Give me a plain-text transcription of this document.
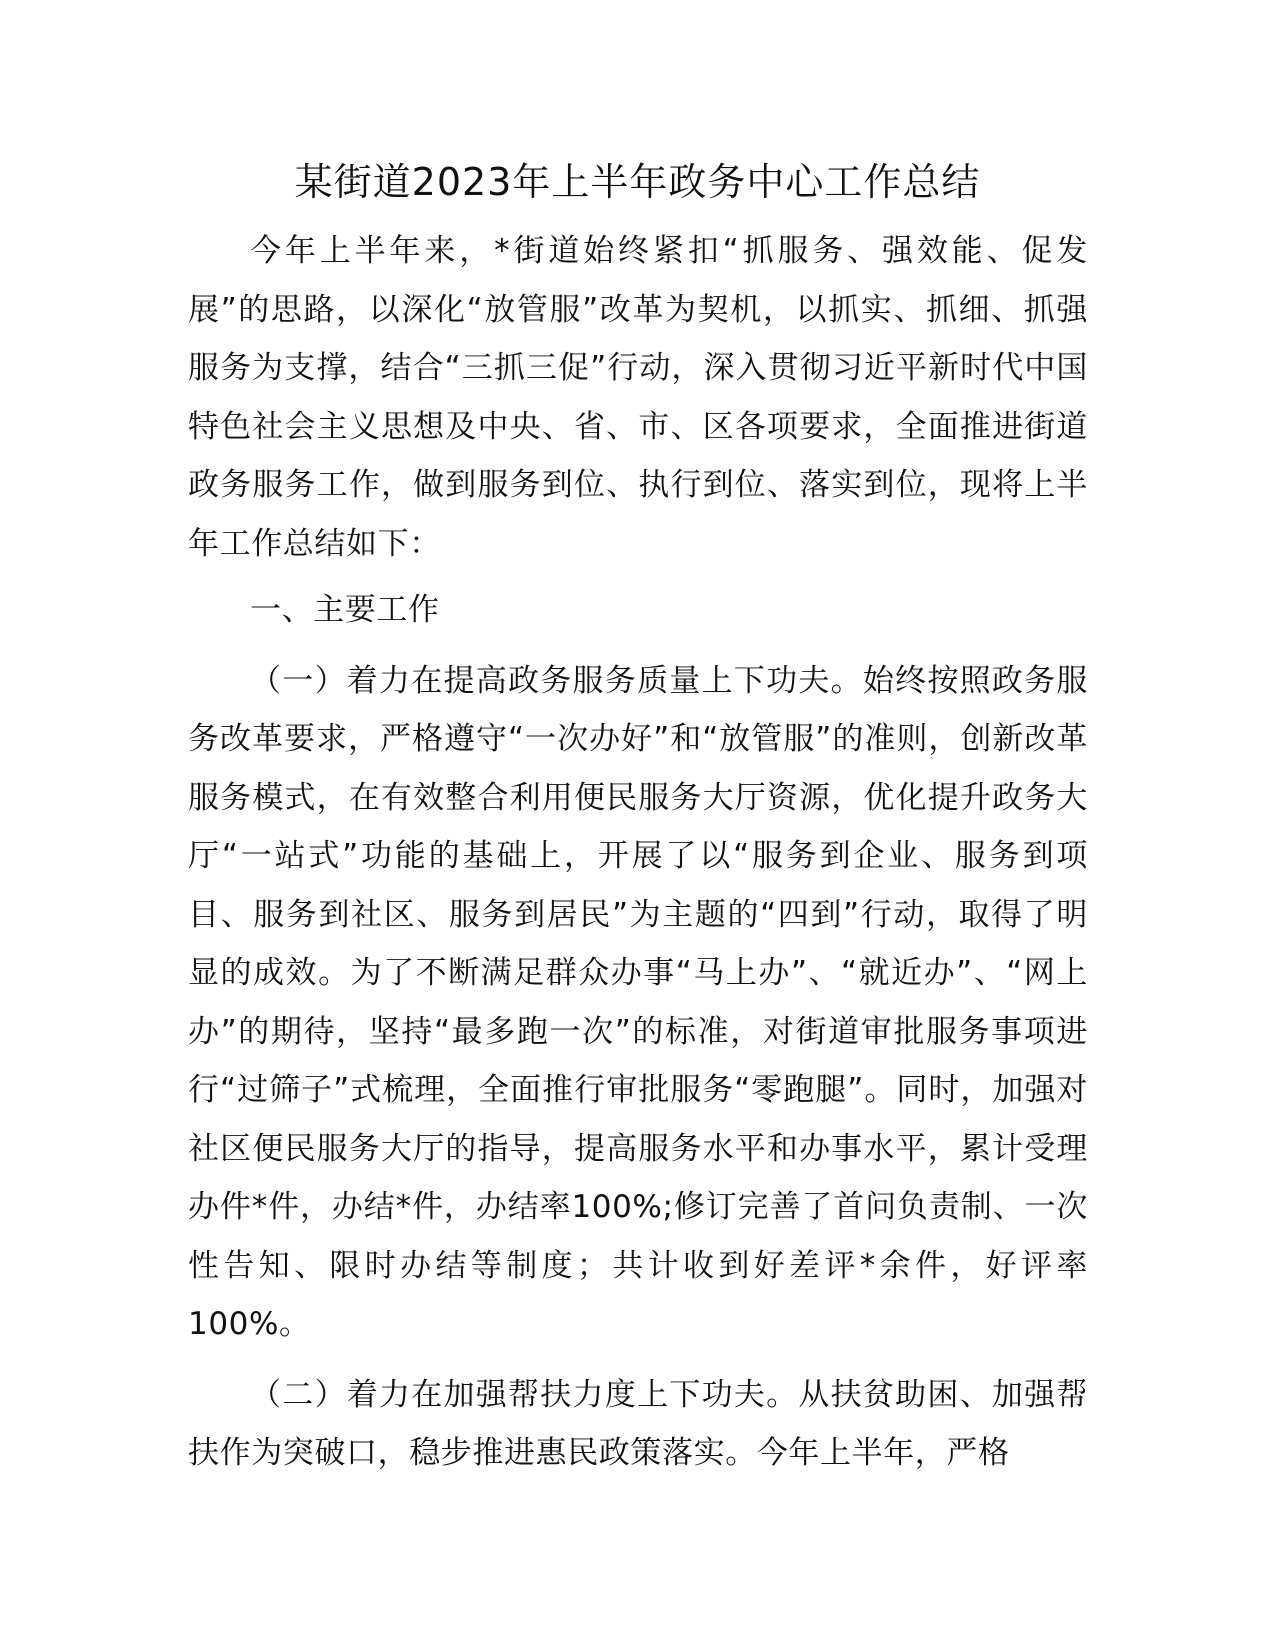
某街道2023年上半年政务中心工作总结

今年上半年来，*街道始终紧扣“抓服务、强效能、促发展”的思路，以深化“放管服”改革为契机，以抓实、抓细、抓强服务为支撑，结合“三抓三促”行动，深入贯彻习近平新时代中国特色社会主义思想及中央、省、市、区各项要求，全面推进街道政务服务工作，做到服务到位、执行到位、落实到位，现将上半年工作总结如下：

一、主要工作

（一）着力在提高政务服务质量上下功夫。始终按照政务服务改革要求，严格遵守“一次办好”和“放管服”的准则，创新改革服务模式，在有效整合利用便民服务大厅资源，优化提升政务大厅“一站式”功能的基础上，开展了以“服务到企业、服务到项目、服务到社区、服务到居民”为主题的“四到”行动，取得了明显的成效。为了不断满足群众办事“马上办”、“就近办”、“网上办”的期待，坚持“最多跑一次”的标准，对街道审批服务事项进行“过筛子”式梳理，全面推行审批服务“零跑腿”。同时，加强对社区便民服务大厅的指导，提高服务水平和办事水平，累计受理办件*件，办结*件，办结率100%;修订完善了首问负责制、一次性告知、限时办结等制度；共计收到好差评*余件，好评率100%。

（二）着力在加强帮扶力度上下功夫。从扶贫助困、加强帮扶作为突破口，稳步推进惠民政策落实。今年上半年，严格
